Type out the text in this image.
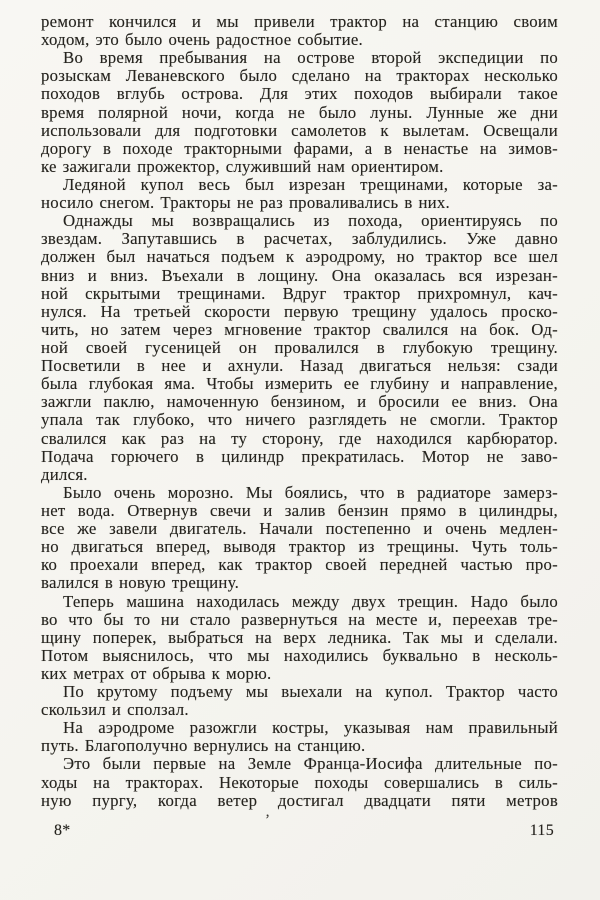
ремонт кончился и мы привели трактор на станцию своим
ходом, это было очень радостное событие.
Во время пребывания на острове второй экспедиции по
розыскам Леваневского было сделано на тракторах несколько
походов вглубь острова. Для этих походов выбирали такое
время полярной ночи, когда не было луны. Лунные же дни
использовали для подготовки самолетов к вылетам. Освещали
дорогу в походе тракторными фарами, а в ненастье на зимов-
ке зажигали прожектор, служивший нам ориентиром.
Ледяной купол весь был изрезан трещинами, которые за-
носило снегом. Тракторы не раз проваливались в них.
Однажды мы возвращались из похода, ориентируясь по
звездам. Запутавшись в расчетах, заблудились. Уже давно
должен был начаться подъем к аэродрому, но трактор все шел
вниз и вниз. Въехали в лощину. Она оказалась вся изрезан-
ной скрытыми трещинами. Вдруг трактор прихромнул, кач-
нулся. На третьей скорости первую трещину удалось проско-
чить, но затем через мгновение трактор свалился на бок. Од-
ной своей гусеницей он провалился в глубокую трещину.
Посветили в нее и ахнули. Назад двигаться нельзя: сзади
была глубокая яма. Чтобы измерить ее глубину и направление,
зажгли паклю, намоченную бензином, и бросили ее вниз. Она
упала так глубоко, что ничего разглядеть не смогли. Трактор
свалился как раз на ту сторону, где находился карбюратор.
Подача горючего в цилиндр прекратилась. Мотор не заво-
дился.
Было очень морозно. Мы боялись, что в радиаторе замерз-
нет вода. Отвернув свечи и залив бензин прямо в цилиндры,
все же завели двигатель. Начали постепенно и очень медлен-
но двигаться вперед, выводя трактор из трещины. Чуть толь-
ко проехали вперед, как трактор своей передней частью про-
валился в новую трещину.
Теперь машина находилась между двух трещин. Надо было
во что бы то ни стало развернуться на месте и, переехав тре-
щину поперек, выбраться на верх ледника. Так мы и сделали.
Потом выяснилось, что мы находились буквально в несколь-
ких метрах от обрыва к морю.
По крутому подъему мы выехали на купол. Трактор часто
скользил и сползал.
На аэродроме разожгли костры, указывая нам правильный
путь. Благополучно вернулись на станцию.
Это были первые на Земле Франца-Иосифа длительные по-
ходы на тракторах. Некоторые походы совершались в силь-
ную пургу, когда ветер достигал двадцати пяти метров
’
8*	115
